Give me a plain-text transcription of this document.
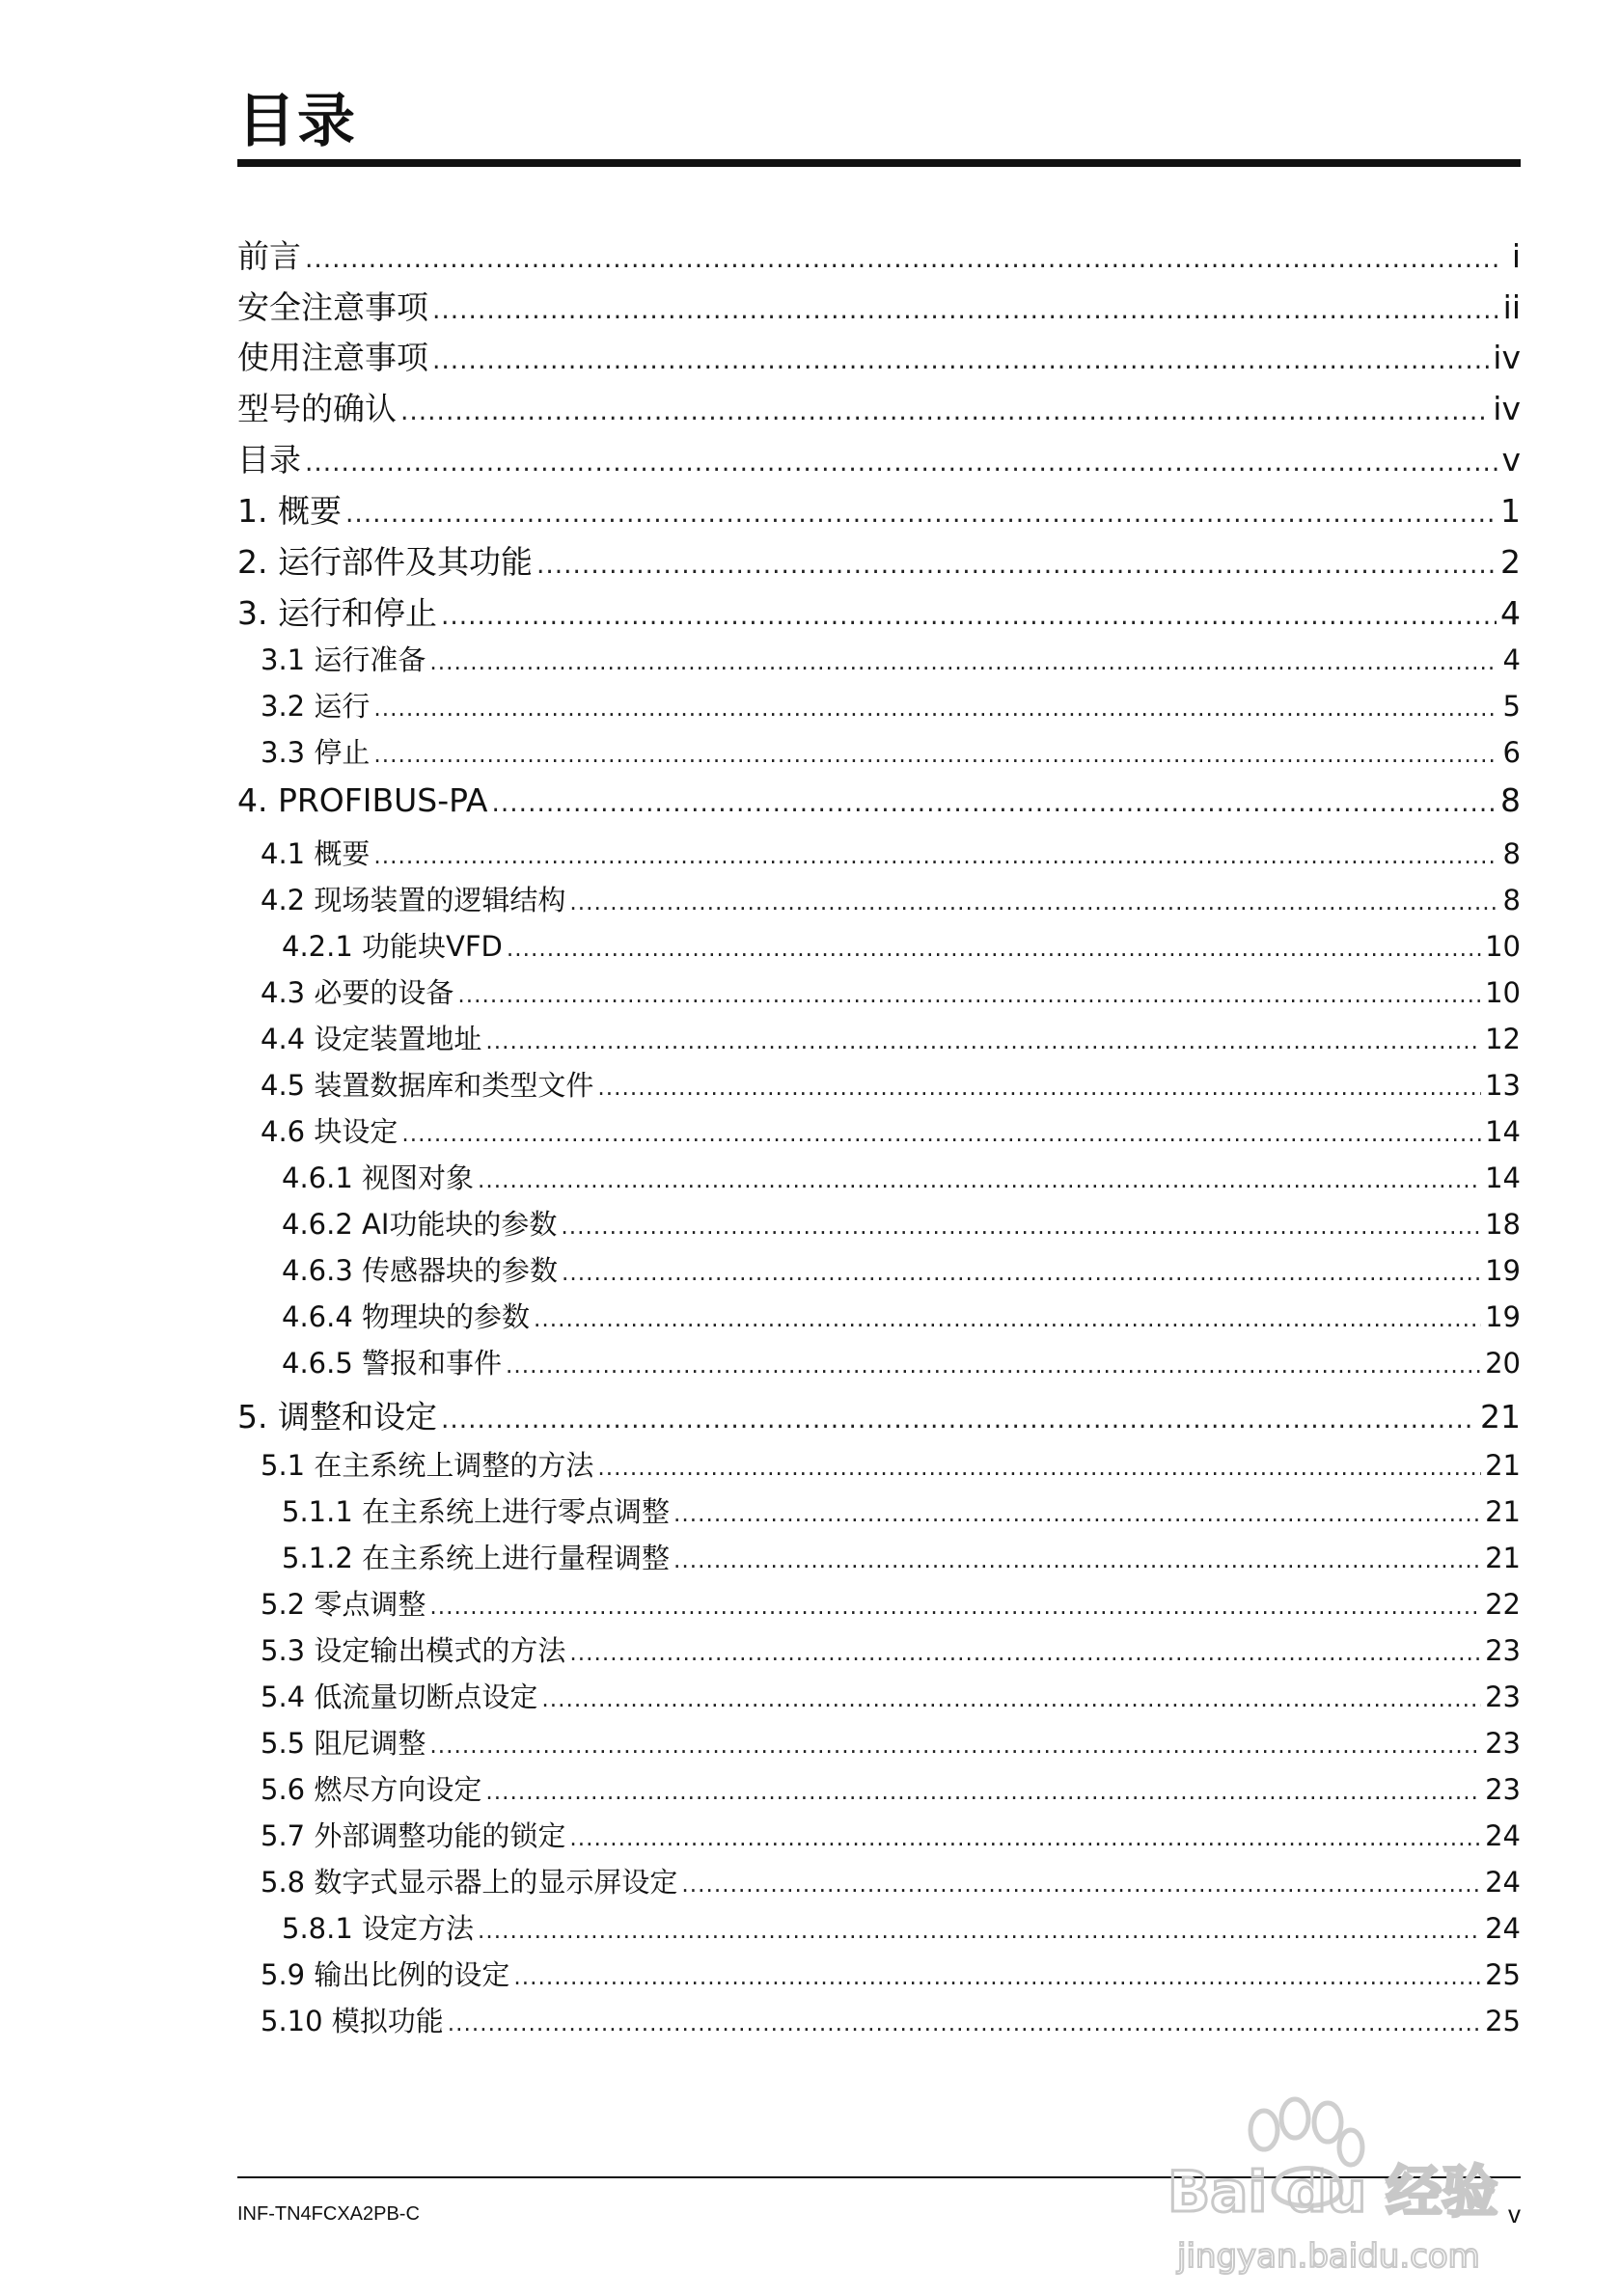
目录
前言 .....	i
安全注意事项 .....	ii
使用注意事项 .....	iv
型号的确认 .....	iv
目录 .....	v
1. 概要 .....	1
2. 运行部件及其功能 .....	2
3. 运行和停止 .....	4
3.1 运行准备 .....	4
3.2 运行 .....	5
3.3 停止 .....	6
4. PROFIBUS-PA .....	8
4.1 概要 .....	8
4.2 现场装置的逻辑结构 .....	8
4.2.1 功能块VFD .....	10
4.3 必要的设备 .....	10
4.4 设定装置地址 .....	12
4.5 装置数据库和类型文件 .....	13
4.6 块设定 .....	14
4.6.1 视图对象 .....	14
4.6.2 AI功能块的参数 .....	18
4.6.3 传感器块的参数 .....	19
4.6.4 物理块的参数 .....	19
4.6.5 警报和事件 .....	20
5. 调整和设定 .....	21
5.1 在主系统上调整的方法 .....	21
5.1.1 在主系统上进行零点调整 .....	21
5.1.2 在主系统上进行量程调整 .....	21
5.2 零点调整 .....	22
5.3 设定输出模式的方法 .....	23
5.4 低流量切断点设定 .....	23
5.5 阻尼调整 .....	23
5.6 燃尽方向设定 .....	23
5.7 外部调整功能的锁定 .....	24
5.8 数字式显示器上的显示屏设定 .....	24
5.8.1 设定方法 .....	24
5.9 输出比例的设定 .....	25
5.10 模拟功能 .....	25
INF-TN4FCXA2PB-C	v
Bai du 经验
jingyan.baidu.com
